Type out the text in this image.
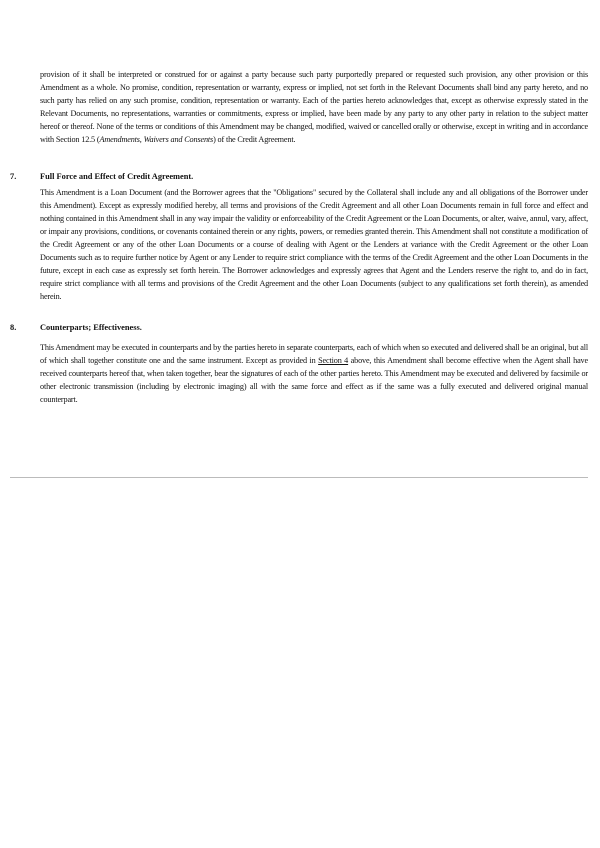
provision of it shall be interpreted or construed for or against a party because such party purportedly prepared or requested such provision, any other provision or this Amendment as a whole. No promise, condition, representation or warranty, express or implied, not set forth in the Relevant Documents shall bind any party hereto, and no such party has relied on any such promise, condition, representation or warranty. Each of the parties hereto acknowledges that, except as otherwise expressly stated in the Relevant Documents, no representations, warranties or commitments, express or implied, have been made by any party to any other party in relation to the subject matter hereof or thereof. None of the terms or conditions of this Amendment may be changed, modified, waived or cancelled orally or otherwise, except in writing and in accordance with Section 12.5 (Amendments, Waivers and Consents) of the Credit Agreement.

7.	Full Force and Effect of Credit Agreement.

This Amendment is a Loan Document (and the Borrower agrees that the "Obligations" secured by the Collateral shall include any and all obligations of the Borrower under this Amendment). Except as expressly modified hereby, all terms and provisions of the Credit Agreement and all other Loan Documents remain in full force and effect and nothing contained in this Amendment shall in any way impair the validity or enforceability of the Credit Agreement or the Loan Documents, or alter, waive, annul, vary, affect, or impair any provisions, conditions, or covenants contained therein or any rights, powers, or remedies granted therein. This Amendment shall not constitute a modification of the Credit Agreement or any of the other Loan Documents or a course of dealing with Agent or the Lenders at variance with the Credit Agreement or the other Loan Documents such as to require further notice by Agent or any Lender to require strict compliance with the terms of the Credit Agreement and the other Loan Documents in the future, except in each case as expressly set forth herein. The Borrower acknowledges and expressly agrees that Agent and the Lenders reserve the right to, and do in fact, require strict compliance with all terms and provisions of the Credit Agreement and the other Loan Documents (subject to any qualifications set forth therein), as amended herein.

8.	Counterparts; Effectiveness.

This Amendment may be executed in counterparts and by the parties hereto in separate counterparts, each of which when so executed and delivered shall be an original, but all of which shall together constitute one and the same instrument. Except as provided in Section 4 above, this Amendment shall become effective when the Agent shall have received counterparts hereof that, when taken together, bear the signatures of each of the other parties hereto. This Amendment may be executed and delivered by facsimile or other electronic transmission (including by electronic imaging) all with the same force and effect as if the same was a fully executed and delivered original manual counterpart.
